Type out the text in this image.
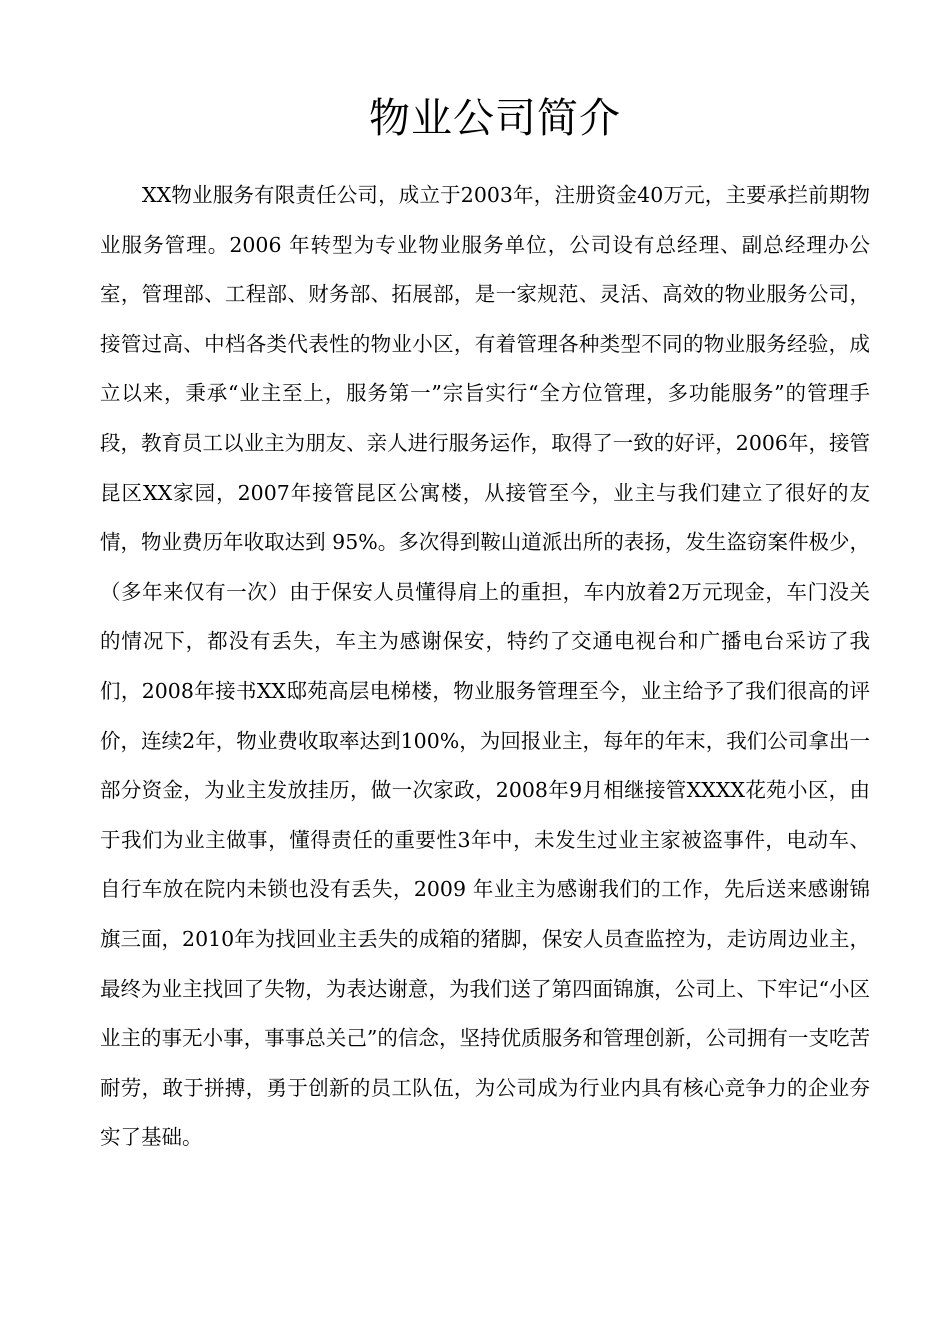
物业公司简介

XX物业服务有限责任公司，成立于2003年，注册资金40万元，主要承拦前期物业服务管理。2006 年转型为专业物业服务单位，公司设有总经理、副总经理办公室，管理部、工程部、财务部、拓展部，是一家规范、灵活、高效的物业服务公司，接管过高、中档各类代表性的物业小区，有着管理各种类型不同的物业服务经验，成立以来，秉承“业主至上，服务第一”宗旨实行“全方位管理，多功能服务”的管理手段，教育员工以业主为朋友、亲人进行服务运作，取得了一致的好评，2006年，接管昆区XX家园，2007年接管昆区公寓楼，从接管至今，业主与我们建立了很好的友情，物业费历年收取达到 95%。多次得到鞍山道派出所的表扬，发生盗窃案件极少，（多年来仅有一次）由于保安人员懂得肩上的重担，车内放着2万元现金，车门没关的情况下，都没有丢失，车主为感谢保安，特约了交通电视台和广播电台采访了我们，2008年接书XX邸苑高层电梯楼，物业服务管理至今，业主给予了我们很高的评价，连续2年，物业费收取率达到100%，为回报业主，每年的年末，我们公司拿出一部分资金，为业主发放挂历，做一次家政，2008年9月相继接管XXXX花苑小区，由于我们为业主做事，懂得责任的重要性3年中，未发生过业主家被盗事件，电动车、自行车放在院内未锁也没有丢失，2009 年业主为感谢我们的工作，先后送来感谢锦旗三面，2010年为找回业主丢失的成箱的猪脚，保安人员查监控为，走访周边业主，最终为业主找回了失物，为表达谢意，为我们送了第四面锦旗，公司上、下牢记“小区业主的事无小事，事事总关己”的信念，坚持优质服务和管理创新，公司拥有一支吃苦耐劳，敢于拼搏，勇于创新的员工队伍，为公司成为行业内具有核心竞争力的企业夯实了基础。
